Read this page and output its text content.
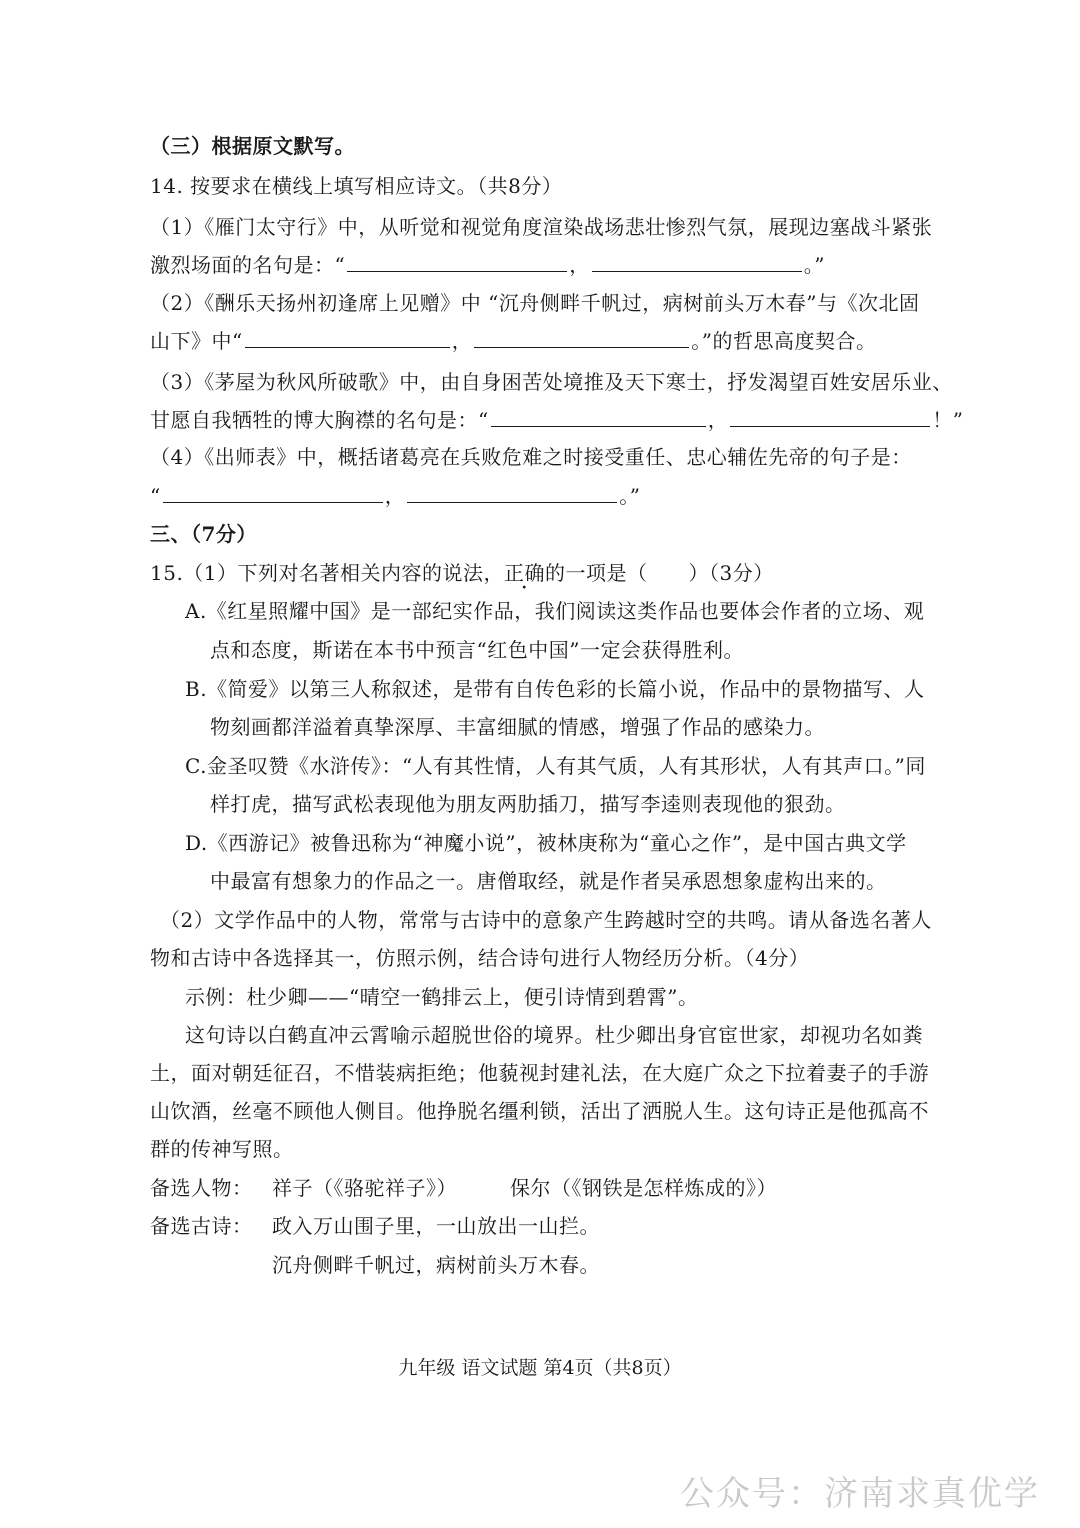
（三）根据原文默写。
14. 按要求在横线上填写相应诗文。（共8分）
（1）《雁门太守行》中，从听觉和视觉角度渲染战场悲壮惨烈气氛，展现边塞战斗紧张
激烈场面的名句是：“	，	。”
（2）《酬乐天扬州初逢席上见赠》中 “沉舟侧畔千帆过，病树前头万木春”与《次北固
山下》中“	，	。”的哲思高度契合。
（3）《茅屋为秋风所破歌》中，由自身困苦处境推及天下寒士，抒发渴望百姓安居乐业、
甘愿自我牺牲的博大胸襟的名句是：“	，	！”
（4）《出师表》中，概括诸葛亮在兵败危难之时接受重任、忠心辅佐先帝的句子是：
“	，	。”
三、（7分）
15.（1）下列对名著相关内容的说法，正确的一项是（　　）（3分）
A.《红星照耀中国》是一部纪实作品，我们阅读这类作品也要体会作者的立场、观
点和态度，斯诺在本书中预言“红色中国”一定会获得胜利。
B.《简爱》以第三人称叙述，是带有自传色彩的长篇小说，作品中的景物描写、人
物刻画都洋溢着真挚深厚、丰富细腻的情感，增强了作品的感染力。
C.金圣叹赞《水浒传》：“人有其性情，人有其气质，人有其形状，人有其声口。”同
样打虎，描写武松表现他为朋友两肋插刀，描写李逵则表现他的狠劲。
D.《西游记》被鲁迅称为“神魔小说”，被林庚称为“童心之作”，是中国古典文学
中最富有想象力的作品之一。唐僧取经，就是作者吴承恩想象虚构出来的。
（2）文学作品中的人物，常常与古诗中的意象产生跨越时空的共鸣。请从备选名著人
物和古诗中各选择其一，仿照示例，结合诗句进行人物经历分析。（4分）
示例：杜少卿——“晴空一鹤排云上，便引诗情到碧霄”。
这句诗以白鹤直冲云霄喻示超脱世俗的境界。杜少卿出身官宦世家，却视功名如粪
土，面对朝廷征召，不惜装病拒绝；他藐视封建礼法，在大庭广众之下拉着妻子的手游
山饮酒，丝毫不顾他人侧目。他挣脱名缰利锁，活出了洒脱人生。这句诗正是他孤高不
群的传神写照。
备选人物： 祥子（《骆驼祥子》）	保尔（《钢铁是怎样炼成的》）
备选古诗： 政入万山围子里，一山放出一山拦。
沉舟侧畔千帆过，病树前头万木春。
九年级 语文试题 第4页（共8页）
公众号：济南求真优学
